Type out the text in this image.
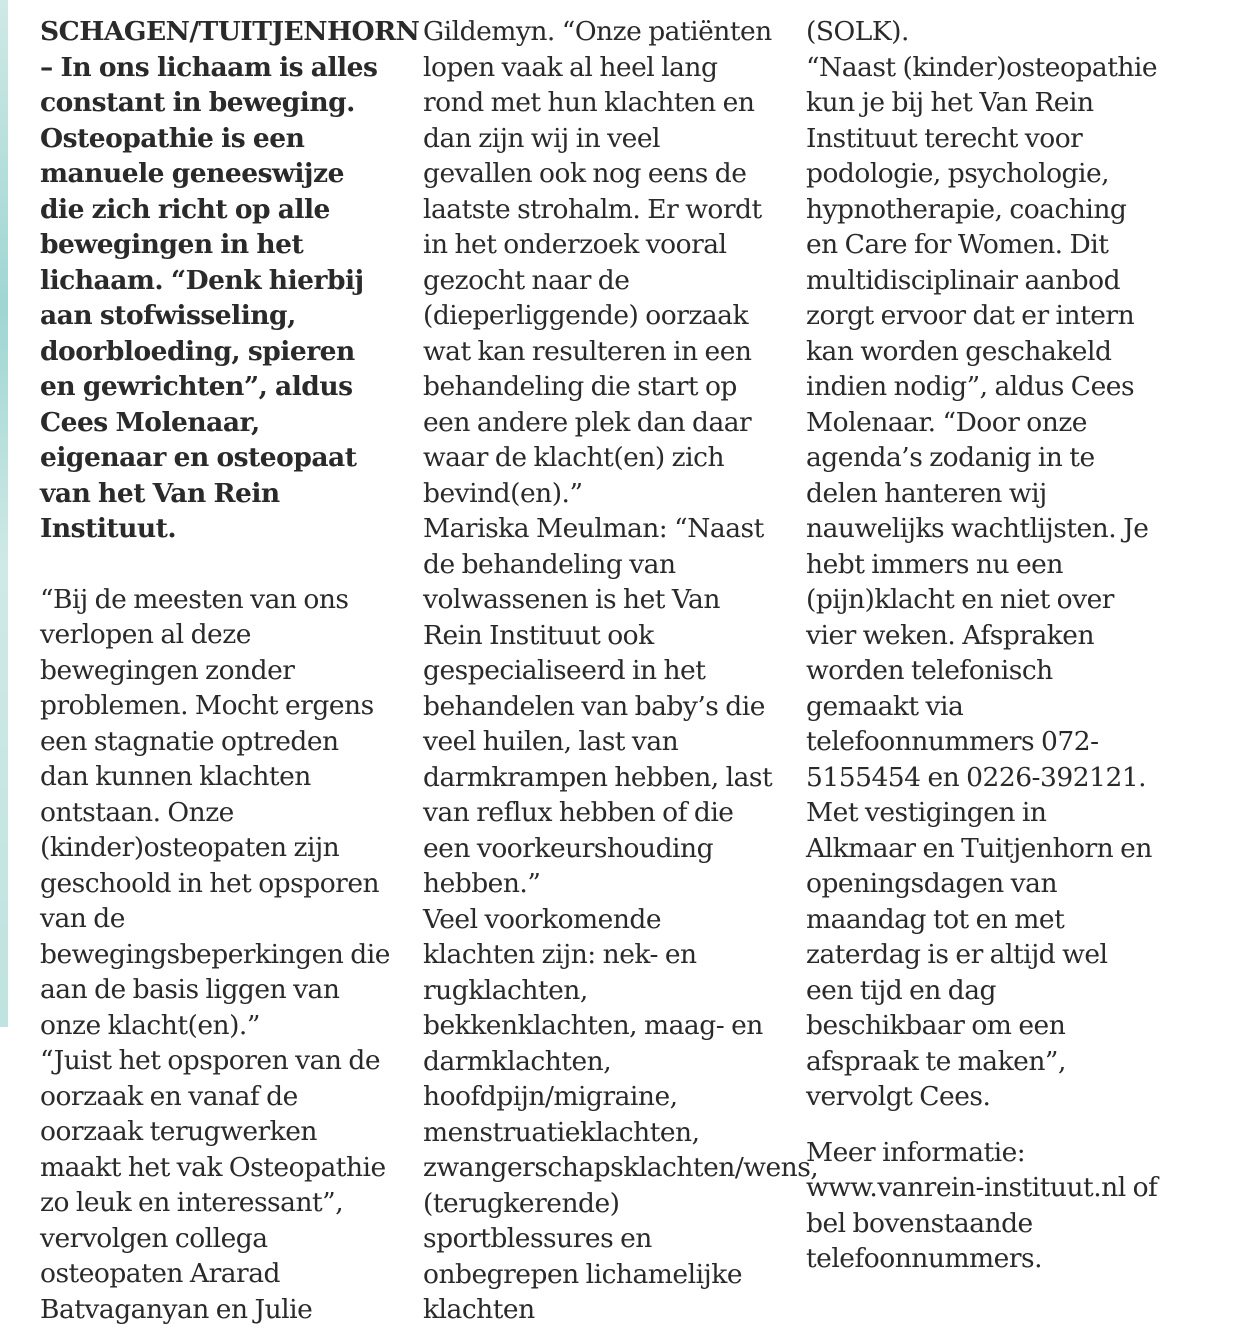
SCHAGEN/TUITJENHORN – In ons lichaam is alles constant in beweging. Osteopathie is een manuele geneeswijze die zich richt op alle bewegingen in het lichaam. “Denk hierbij aan stofwisseling, doorbloeding, spieren en gewrichten”, aldus Cees Molenaar, eigenaar en osteopaat van het Van Rein Instituut.

“Bij de meesten van ons verlopen al deze bewegingen zonder problemen. Mocht ergens een stagnatie optreden dan kunnen klachten ontstaan. Onze (kinder)osteopaten zijn geschoold in het opsporen van de bewegingsbeperkingen die aan de basis liggen van onze klacht(en).”

“Juist het opsporen van de oorzaak en vanaf de oorzaak terugwerken maakt het vak Osteopathie zo leuk en interessant”, vervolgen collega osteopaten Ararad Batvaganyan en Julie

Gildemyn. “Onze patiënten lopen vaak al heel lang rond met hun klachten en dan zijn wij in veel gevallen ook nog eens de laatste strohalm. Er wordt in het onderzoek vooral gezocht naar de (dieperliggende) oorzaak wat kan resulteren in een behandeling die start op een andere plek dan daar waar de klacht(en) zich bevind(en).”

Mariska Meulman: “Naast de behandeling van volwassenen is het Van Rein Instituut ook gespecialiseerd in het behandelen van baby’s die veel huilen, last van darmkrampen hebben, last van reflux hebben of die een voorkeurshouding hebben.”

Veel voorkomende klachten zijn: nek- en rugklachten, bekkenklachten, maag- en darmklachten, hoofdpijn/migraine, menstruatieklachten, zwangerschapsklachten/wens, (terugkerende) sportblessures en onbegrepen lichamelijke klachten

(SOLK).

“Naast (kinder)osteopathie kun je bij het Van Rein Instituut terecht voor podologie, psychologie, hypnotherapie, coaching en Care for Women. Dit multidisciplinair aanbod zorgt ervoor dat er intern kan worden geschakeld indien nodig”, aldus Cees Molenaar. “Door onze agenda’s zodanig in te delen hanteren wij nauwelijks wachtlijsten. Je hebt immers nu een (pijn)klacht en niet over vier weken. Afspraken worden telefonisch gemaakt via telefoonnummers 072-5155454 en 0226-392121. Met vestigingen in Alkmaar en Tuitjenhorn en openingsdagen van maandag tot en met zaterdag is er altijd wel een tijd en dag beschikbaar om een afspraak te maken”, vervolgt Cees.

Meer informatie: www.vanrein-instituut.nl of bel bovenstaande telefoonnummers.
